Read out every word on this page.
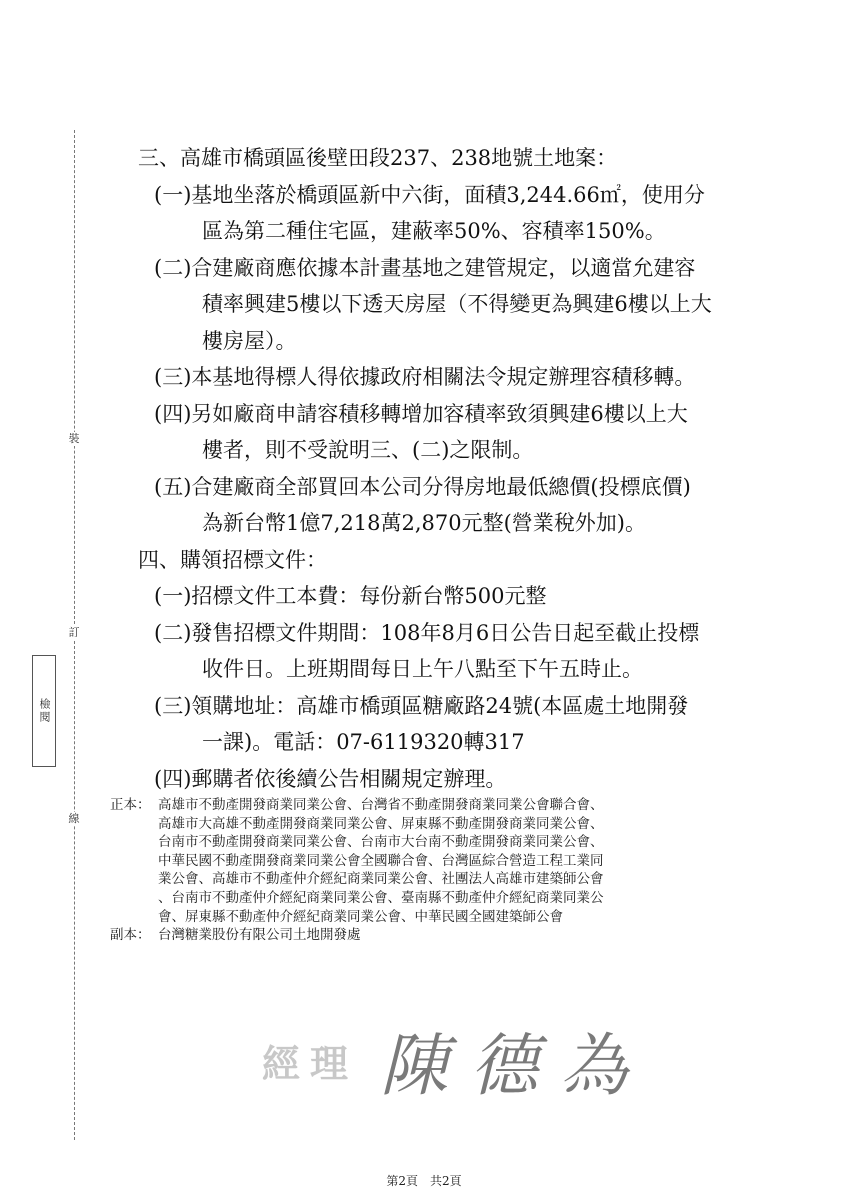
裝
訂
線
檢閱
三、高雄市橋頭區後壁田段237、238地號土地案：
(一)基地坐落於橋頭區新中六街，面積3,244.66㎡，使用分
區為第二種住宅區，建蔽率50%、容積率150%。
(二)合建廠商應依據本計畫基地之建管規定，以適當允建容
積率興建5樓以下透天房屋（不得變更為興建6樓以上大
樓房屋）。
(三)本基地得標人得依據政府相關法令規定辦理容積移轉。
(四)另如廠商申請容積移轉增加容積率致須興建6樓以上大
樓者，則不受說明三、(二)之限制。
(五)合建廠商全部買回本公司分得房地最低總價(投標底價)
為新台幣1億7,218萬2,870元整(營業稅外加)。
四、購領招標文件：
(一)招標文件工本費：每份新台幣500元整
(二)發售招標文件期間：108年8月6日公告日起至截止投標
收件日。上班期間每日上午八點至下午五時止。
(三)領購地址：高雄市橋頭區糖廠路24號(本區處土地開發
一課)。電話：07-6119320轉317
(四)郵購者依後續公告相關規定辦理。
正本： 高雄市不動產開發商業同業公會、台灣省不動產開發商業同業公會聯合會、
高雄市大高雄不動產開發商業同業公會、屏東縣不動產開發商業同業公會、
台南市不動產開發商業同業公會、台南市大台南不動產開發商業同業公會、
中華民國不動產開發商業同業公會全國聯合會、台灣區綜合營造工程工業同
業公會、高雄市不動產仲介經紀商業同業公會、社團法人高雄市建築師公會
、台南市不動產仲介經紀商業同業公會、臺南縣不動產仲介經紀商業同業公
會、屏東縣不動產仲介經紀商業同業公會、中華民國全國建築師公會
副本： 台灣糖業股份有限公司土地開發處
經理 陳德為
第2頁　共2頁
